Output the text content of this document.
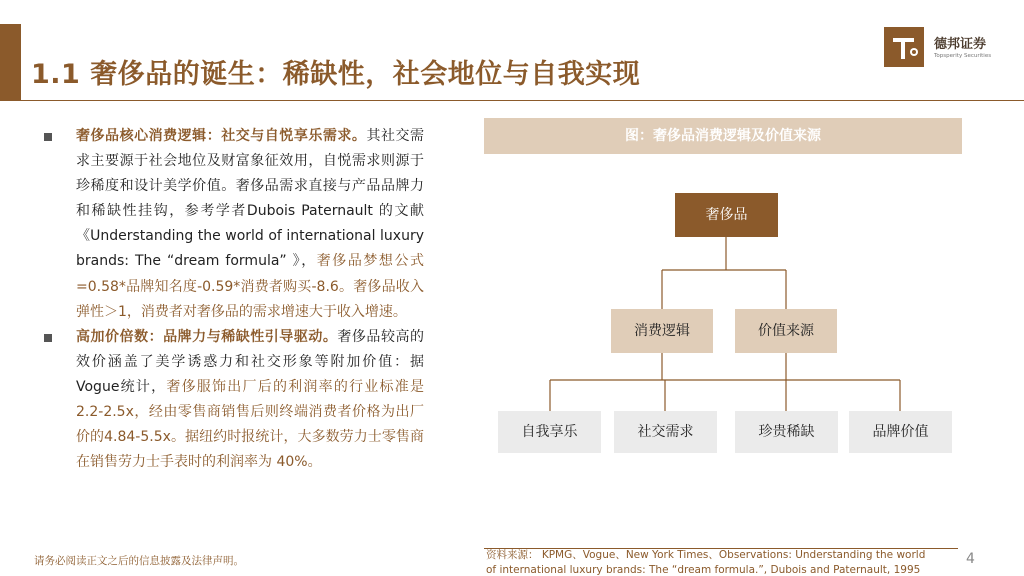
1.1 奢侈品的诞生：稀缺性，社会地位与自我实现
德邦证券
Topsperity Securities
奢侈品核心消费逻辑：社交与自悦享乐需求。其社交需求主要源于社会地位及财富象征效用，自悦需求则源于珍稀度和设计美学价值。奢侈品需求直接与产品品牌力和稀缺性挂钩，参考学者Dubois Paternault 的文献《Understanding the world of international luxury brands: The “dream formula” 》，奢侈品梦想公式=0.58*品牌知名度-0.59*消费者购买-8.6。奢侈品收入弹性＞1，消费者对奢侈品的需求增速大于收入增速。
高加价倍数：品牌力与稀缺性引导驱动。奢侈品较高的效价涵盖了美学诱惑力和社交形象等附加价值：据Vogue统计，奢侈服饰出厂后的利润率的行业标准是2.2-2.5x，经由零售商销售后则终端消费者价格为出厂价的4.84-5.5x。据纽约时报统计，大多数劳力士零售商在销售劳力士手表时的利润率为 40%。
图：奢侈品消费逻辑及价值来源
奢侈品
消费逻辑	价值来源
自我享乐	社交需求	珍贵稀缺	品牌价值
请务必阅读正文之后的信息披露及法律声明。	资料来源： KPMG、Vogue、New York Times、Observations: Understanding the world
of international luxury brands: The “dream formula.”, Dubois and Paternault, 1995
4
